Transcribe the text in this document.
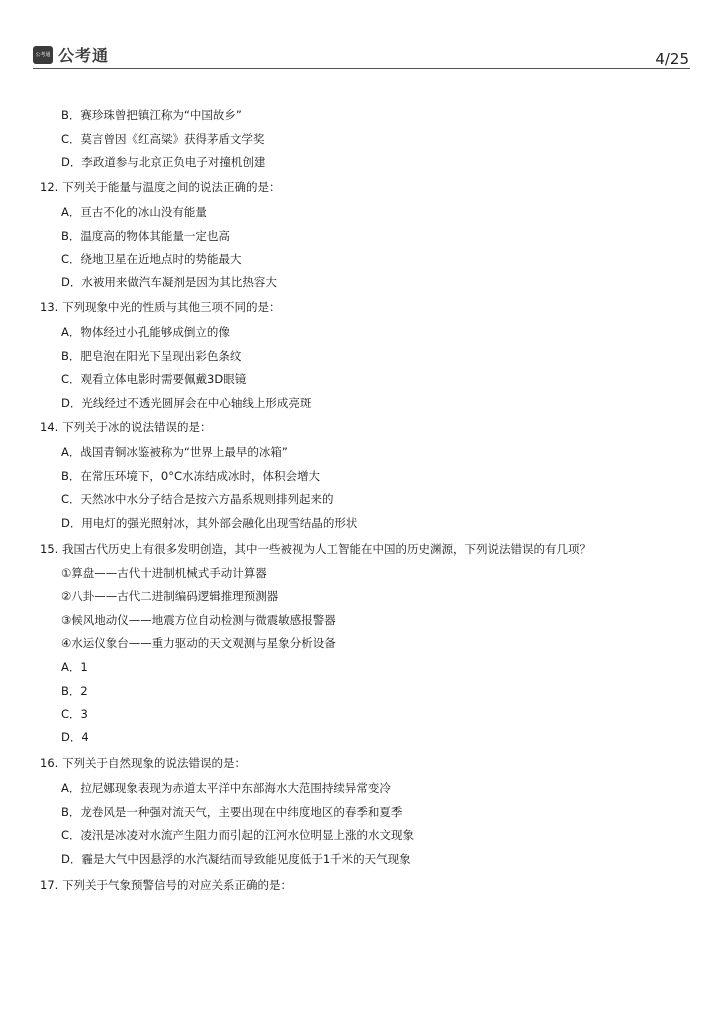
公考通 公考通	4/25
B．赛珍珠曾把镇江称为“中国故乡”
C．莫言曾因《红高粱》获得茅盾文学奖
D．李政道参与北京正负电子对撞机创建
12. 下列关于能量与温度之间的说法正确的是：
A．亘古不化的冰山没有能量
B．温度高的物体其能量一定也高
C．绕地卫星在近地点时的势能最大
D．水被用来做汽车凝剂是因为其比热容大
13. 下列现象中光的性质与其他三项不同的是：
A．物体经过小孔能够成倒立的像
B．肥皂泡在阳光下呈现出彩色条纹
C．观看立体电影时需要佩戴3D眼镜
D．光线经过不透光圆屏会在中心轴线上形成亮斑
14. 下列关于冰的说法错误的是：
A．战国青铜冰鉴被称为“世界上最早的冰箱”
B．在常压环境下，0°C水冻结成冰时，体积会增大
C．天然冰中水分子结合是按六方晶系规则排列起来的
D．用电灯的强光照射冰，其外部会融化出现雪结晶的形状
15. 我国古代历史上有很多发明创造，其中一些被视为人工智能在中国的历史渊源，下列说法错误的有几项？
①算盘——古代十进制机械式手动计算器
②八卦——古代二进制编码逻辑推理预测器
③候风地动仪——地震方位自动检测与微震敏感报警器
④水运仪象台——重力驱动的天文观测与星象分析设备
A．1
B．2
C．3
D．4
16. 下列关于自然现象的说法错误的是：
A．拉尼娜现象表现为赤道太平洋中东部海水大范围持续异常变冷
B．龙卷风是一种强对流天气，主要出现在中纬度地区的春季和夏季
C．凌汛是冰凌对水流产生阻力而引起的江河水位明显上涨的水文现象
D．霾是大气中因悬浮的水汽凝结而导致能见度低于1千米的天气现象
17. 下列关于气象预警信号的对应关系正确的是：
